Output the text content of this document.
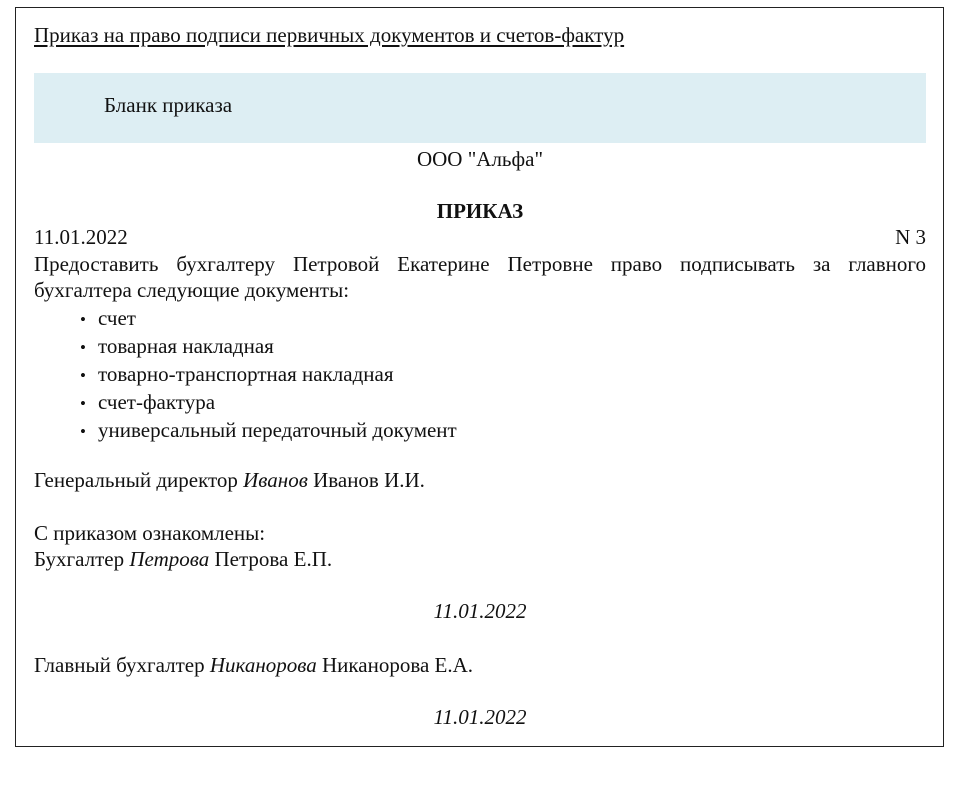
Приказ на право подписи первичных документов и счетов-фактур
Бланк приказа
ООО "Альфа"
ПРИКАЗ
11.01.2022	N 3
Предоставить бухгалтеру Петровой Екатерине Петровне право подписывать за главного бухгалтера следующие документы:
• счет
• товарная накладная
• товарно-транспортная накладная
• счет-фактура
• универсальный передаточный документ
Генеральный директор Иванов Иванов И.И.
С приказом ознакомлены:
Бухгалтер Петрова Петрова Е.П.
11.01.2022
Главный бухгалтер Никанорова Никанорова Е.А.
11.01.2022
